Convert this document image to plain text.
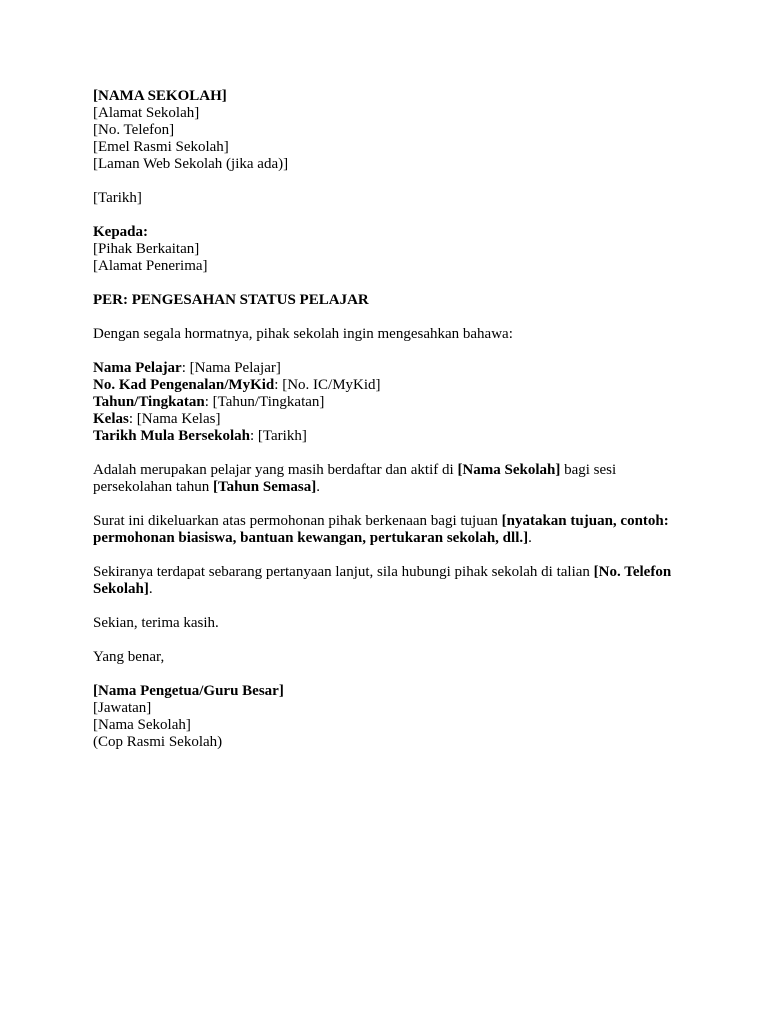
[NAMA SEKOLAH]
[Alamat Sekolah]
[No. Telefon]
[Emel Rasmi Sekolah]
[Laman Web Sekolah (jika ada)]
[Tarikh]
Kepada:
[Pihak Berkaitan]
[Alamat Penerima]
PER: PENGESAHAN STATUS PELAJAR
Dengan segala hormatnya, pihak sekolah ingin mengesahkan bahawa:
Nama Pelajar: [Nama Pelajar]
No. Kad Pengenalan/MyKid: [No. IC/MyKid]
Tahun/Tingkatan: [Tahun/Tingkatan]
Kelas: [Nama Kelas]
Tarikh Mula Bersekolah: [Tarikh]
Adalah merupakan pelajar yang masih berdaftar dan aktif di [Nama Sekolah] bagi sesi persekolahan tahun [Tahun Semasa].
Surat ini dikeluarkan atas permohonan pihak berkenaan bagi tujuan [nyatakan tujuan, contoh: permohonan biasiswa, bantuan kewangan, pertukaran sekolah, dll.].
Sekiranya terdapat sebarang pertanyaan lanjut, sila hubungi pihak sekolah di talian [No. Telefon Sekolah].
Sekian, terima kasih.
Yang benar,
[Nama Pengetua/Guru Besar]
[Jawatan]
[Nama Sekolah]
(Cop Rasmi Sekolah)
